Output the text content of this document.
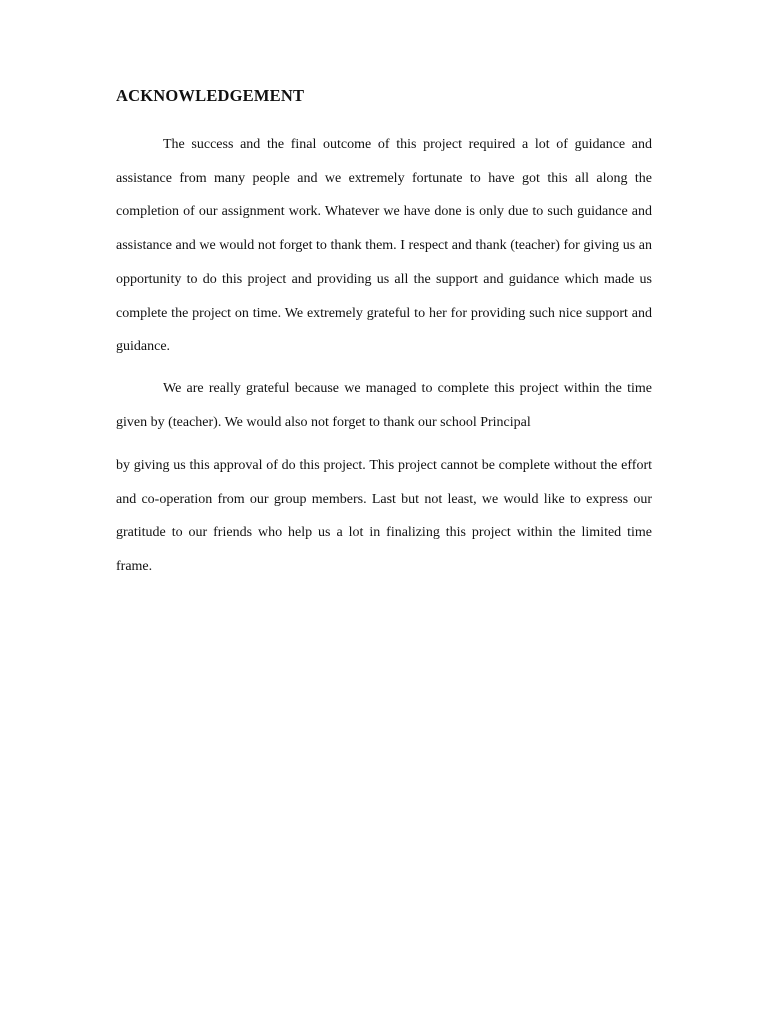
ACKNOWLEDGEMENT

The success and the final outcome of this project required a lot of guidance and assistance from many people and we extremely fortunate to have got this all along the completion of our assignment work. Whatever we have done is only due to such guidance and assistance and we would not forget to thank them. I respect and thank (teacher) for giving us an opportunity to do this project and providing us all the support and guidance which made us complete the project on time. We extremely grateful to her for providing such nice support and guidance.

We are really grateful because we managed to complete this project within the time given by (teacher). We would also not forget to thank our school Principal

by giving us this approval of do this project. This project cannot be complete without the effort and co-operation from our group members. Last but not least, we would like to express our gratitude to our friends who help us a lot in finalizing this project within the limited time frame.
